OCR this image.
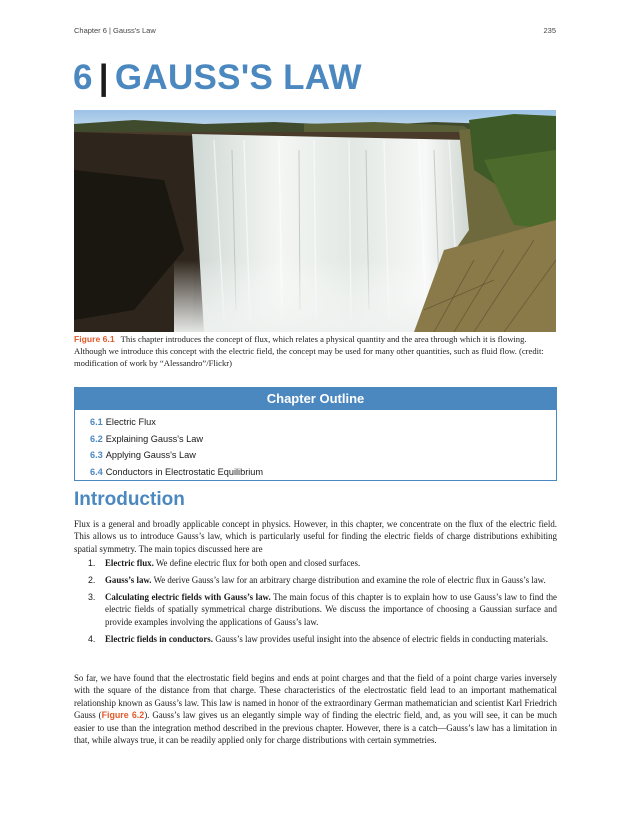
Chapter 6 | Gauss's Law	235
6 | GAUSS'S LAW

Figure 6.1 This chapter introduces the concept of flux, which relates a physical quantity and the area through which it is flowing. Although we introduce this concept with the electric field, the concept may be used for many other quantities, such as fluid flow. (credit: modification of work by “Alessandro”/Flickr)

Chapter Outline
6.1 Electric Flux
6.2 Explaining Gauss's Law
6.3 Applying Gauss's Law
6.4 Conductors in Electrostatic Equilibrium
Introduction

Flux is a general and broadly applicable concept in physics. However, in this chapter, we concentrate on the flux of the electric field. This allows us to introduce Gauss’s law, which is particularly useful for finding the electric fields of charge distributions exhibiting spatial symmetry. The main topics discussed here are

1. Electric flux. We define electric flux for both open and closed surfaces.
2. Gauss’s law. We derive Gauss’s law for an arbitrary charge distribution and examine the role of electric flux in Gauss’s law.
3. Calculating electric fields with Gauss’s law. The main focus of this chapter is to explain how to use Gauss’s law to find the electric fields of spatially symmetrical charge distributions. We discuss the importance of choosing a Gaussian surface and provide examples involving the applications of Gauss’s law.
4. Electric fields in conductors. Gauss’s law provides useful insight into the absence of electric fields in conducting materials.

So far, we have found that the electrostatic field begins and ends at point charges and that the field of a point charge varies inversely with the square of the distance from that charge. These characteristics of the electrostatic field lead to an important mathematical relationship known as Gauss’s law. This law is named in honor of the extraordinary German mathematician and scientist Karl Friedrich Gauss (Figure 6.2). Gauss’s law gives us an elegantly simple way of finding the electric field, and, as you will see, it can be much easier to use than the integration method described in the previous chapter. However, there is a catch—Gauss’s law has a limitation in that, while always true, it can be readily applied only for charge distributions with certain symmetries.
